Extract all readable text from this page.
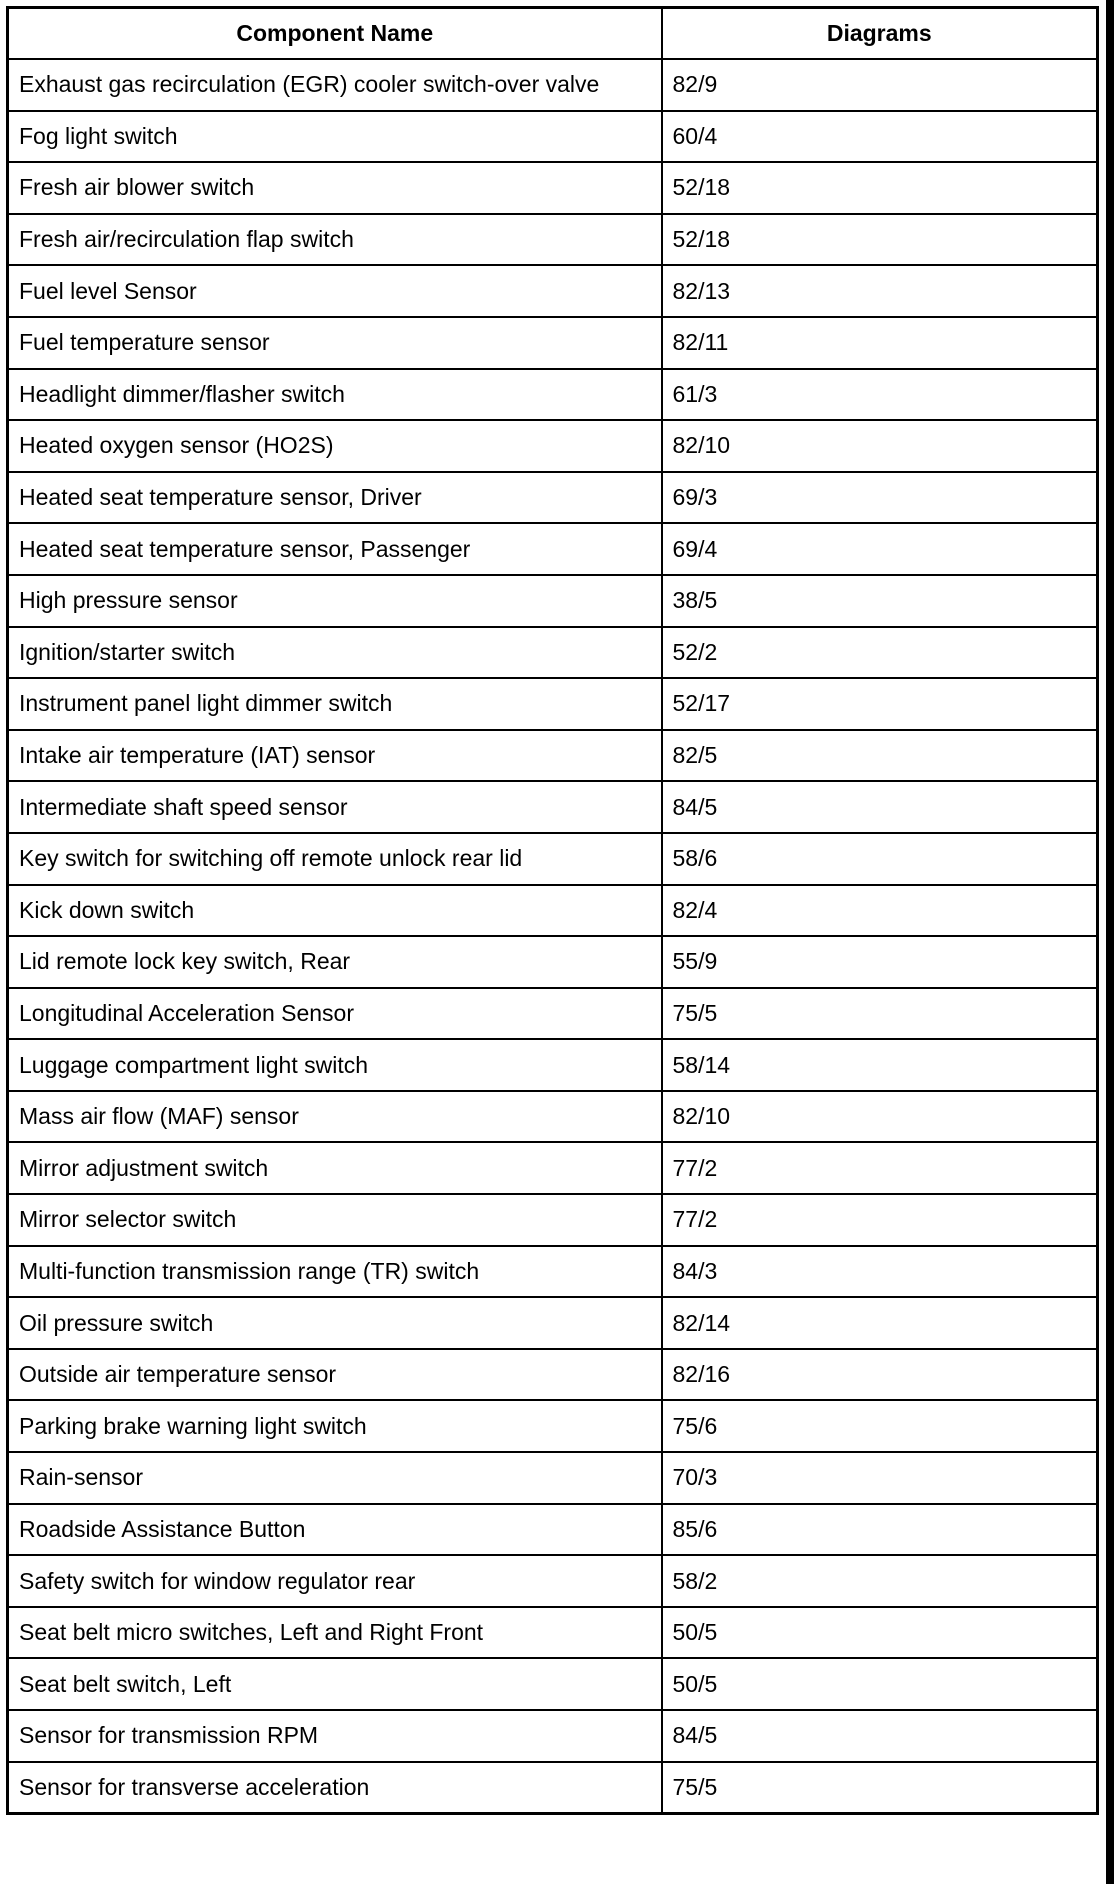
Component Name	Diagrams
Exhaust gas recirculation (EGR) cooler switch-over valve	82/9
Fog light switch	60/4
Fresh air blower switch	52/18
Fresh air/recirculation flap switch	52/18
Fuel level Sensor	82/13
Fuel temperature sensor	82/11
Headlight dimmer/flasher switch	61/3
Heated oxygen sensor (HO2S)	82/10
Heated seat temperature sensor, Driver	69/3
Heated seat temperature sensor, Passenger	69/4
High pressure sensor	38/5
Ignition/starter switch	52/2
Instrument panel light dimmer switch	52/17
Intake air temperature (IAT) sensor	82/5
Intermediate shaft speed sensor	84/5
Key switch for switching off remote unlock rear lid	58/6
Kick down switch	82/4
Lid remote lock key switch, Rear	55/9
Longitudinal Acceleration Sensor	75/5
Luggage compartment light switch	58/14
Mass air flow (MAF) sensor	82/10
Mirror adjustment switch	77/2
Mirror selector switch	77/2
Multi-function transmission range (TR) switch	84/3
Oil pressure switch	82/14
Outside air temperature sensor	82/16
Parking brake warning light switch	75/6
Rain-sensor	70/3
Roadside Assistance Button	85/6
Safety switch for window regulator rear	58/2
Seat belt micro switches, Left and Right Front	50/5
Seat belt switch, Left	50/5
Sensor for transmission RPM	84/5
Sensor for transverse acceleration	75/5
